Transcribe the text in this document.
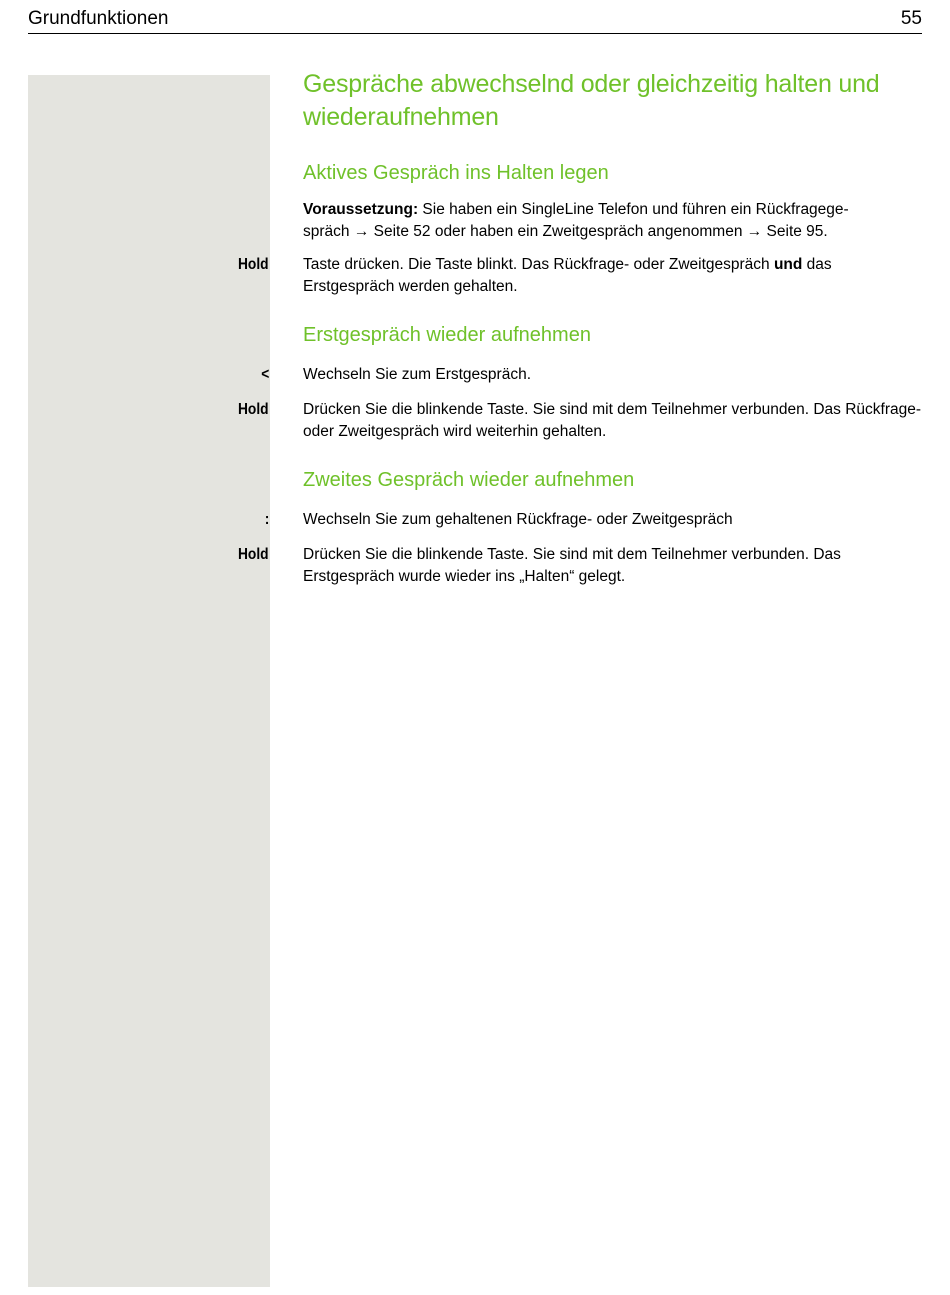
Grundfunktionen	55
Gespräche abwechselnd oder gleichzeitig halten und wiederaufnehmen
Aktives Gespräch ins Halten legen
Voraussetzung: Sie haben ein SingleLine Telefon und führen ein Rückfragege-
spräch → Seite 52 oder haben ein Zweitgespräch angenommen → Seite 95.
Hold Taste drücken. Die Taste blinkt. Das Rückfrage- oder Zweitgespräch und das Erstgespräch werden gehalten.
Erstgespräch wieder aufnehmen
< Wechseln Sie zum Erstgespräch.
Hold Drücken Sie die blinkende Taste. Sie sind mit dem Teilnehmer verbunden. Das Rückfrage- oder Zweitgespräch wird weiterhin gehalten.
Zweites Gespräch wieder aufnehmen
: Wechseln Sie zum gehaltenen Rückfrage- oder Zweitgespräch
Hold Drücken Sie die blinkende Taste. Sie sind mit dem Teilnehmer verbunden. Das Erstgespräch wurde wieder ins „Halten“ gelegt.
